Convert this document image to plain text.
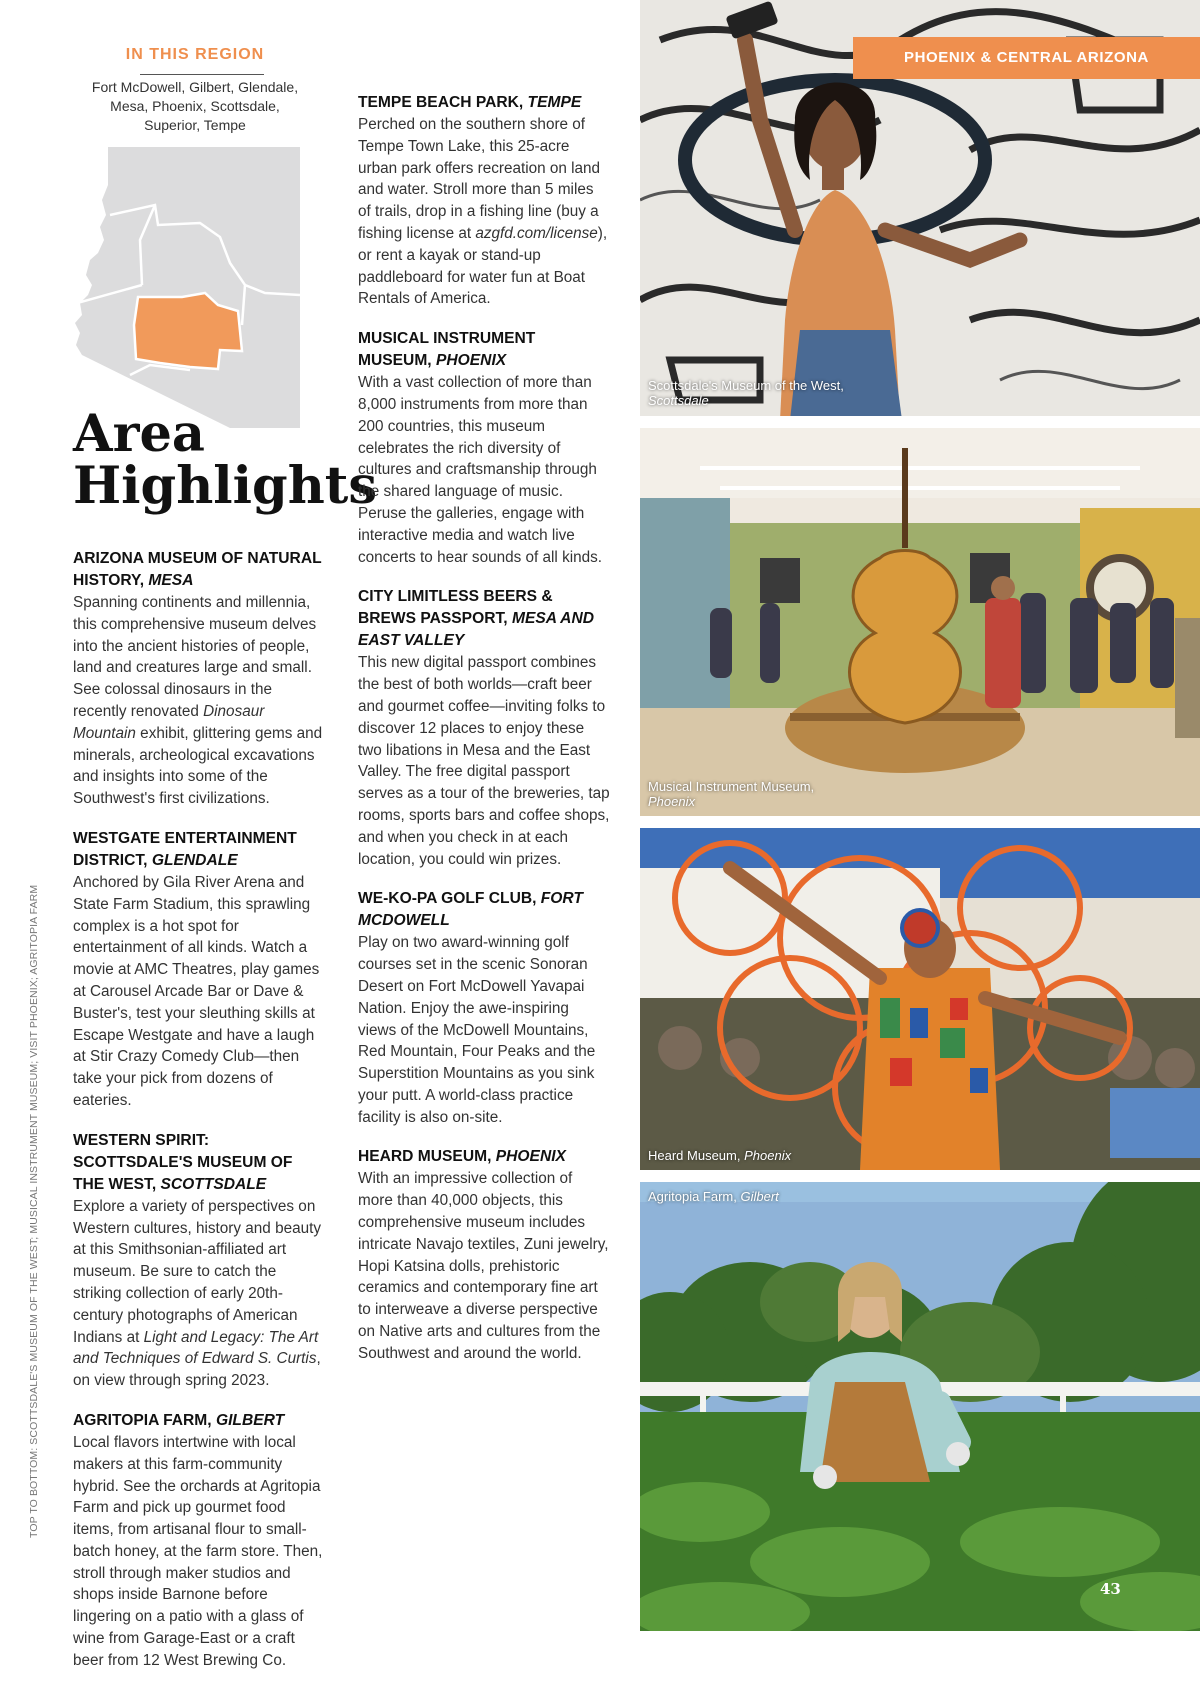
IN THIS REGION
Fort McDowell, Gilbert, Glendale,
Mesa, Phoenix, Scottsdale,
Superior, Tempe
Area
Highlights
ARIZONA MUSEUM OF NATURAL HISTORY, MESA
Spanning continents and millennia, this comprehensive museum delves into the ancient histories of people, land and creatures large and small. See colossal dinosaurs in the recently renovated Dinosaur Mountain exhibit, glittering gems and minerals, archeological excavations and insights into some of the Southwest's first civilizations.
WESTGATE ENTERTAINMENT DISTRICT, GLENDALE
Anchored by Gila River Arena and State Farm Stadium, this sprawling complex is a hot spot for entertainment of all kinds. Watch a movie at AMC Theatres, play games at Carousel Arcade Bar or Dave & Buster's, test your sleuthing skills at Escape Westgate and have a laugh at Stir Crazy Comedy Club—then take your pick from dozens of eateries.
WESTERN SPIRIT: SCOTTSDALE'S MUSEUM OF THE WEST, SCOTTSDALE
Explore a variety of perspectives on Western cultures, history and beauty at this Smithsonian-affiliated art museum. Be sure to catch the striking collection of early 20th-century photographs of American Indians at Light and Legacy: The Art and Techniques of Edward S. Curtis, on view through spring 2023.
AGRITOPIA FARM, GILBERT
Local flavors intertwine with local makers at this farm-community hybrid. See the orchards at Agritopia Farm and pick up gourmet food items, from artisanal flour to small-batch honey, at the farm store. Then, stroll through maker studios and shops inside Barnone before lingering on a patio with a glass of wine from Garage-East or a craft beer from 12 West Brewing Co.
TEMPE BEACH PARK, TEMPE
Perched on the southern shore of Tempe Town Lake, this 25-acre urban park offers recreation on land and water. Stroll more than 5 miles of trails, drop in a fishing line (buy a fishing license at azgfd.com/license), or rent a kayak or stand-up paddleboard for water fun at Boat Rentals of America.
MUSICAL INSTRUMENT MUSEUM, PHOENIX
With a vast collection of more than 8,000 instruments from more than 200 countries, this museum celebrates the rich diversity of cultures and craftsmanship through the shared language of music. Peruse the galleries, engage with interactive media and watch live concerts to hear sounds of all kinds.
CITY LIMITLESS BEERS & BREWS PASSPORT, MESA AND EAST VALLEY
This new digital passport combines the best of both worlds—craft beer and gourmet coffee—inviting folks to discover 12 places to enjoy these two libations in Mesa and the East Valley. The free digital passport serves as a tour of the breweries, tap rooms, sports bars and coffee shops, and when you check in at each location, you could win prizes.
WE-KO-PA GOLF CLUB, FORT MCDOWELL
Play on two award-winning golf courses set in the scenic Sonoran Desert on Fort McDowell Yavapai Nation. Enjoy the awe-inspiring views of the McDowell Mountains, Red Mountain, Four Peaks and the Superstition Mountains as you sink your putt. A world-class practice facility is also on-site.
HEARD MUSEUM, PHOENIX
With an impressive collection of more than 40,000 objects, this comprehensive museum includes intricate Navajo textiles, Zuni jewelry, Hopi Katsina dolls, prehistoric ceramics and contemporary fine art to interweave a diverse perspective on Native arts and cultures from the Southwest and around the world.
TOP TO BOTTOM: SCOTTSDALE'S MUSEUM OF THE WEST; MUSICAL INSTRUMENT MUSEUM; VISIT PHOENIX; AGRITOPIA FARM
PHOENIX & CENTRAL ARIZONA
Scottsdale's Museum of the West, Scottsdale
Musical Instrument Museum, Phoenix
Heard Museum, Phoenix
Agritopia Farm, Gilbert
43
